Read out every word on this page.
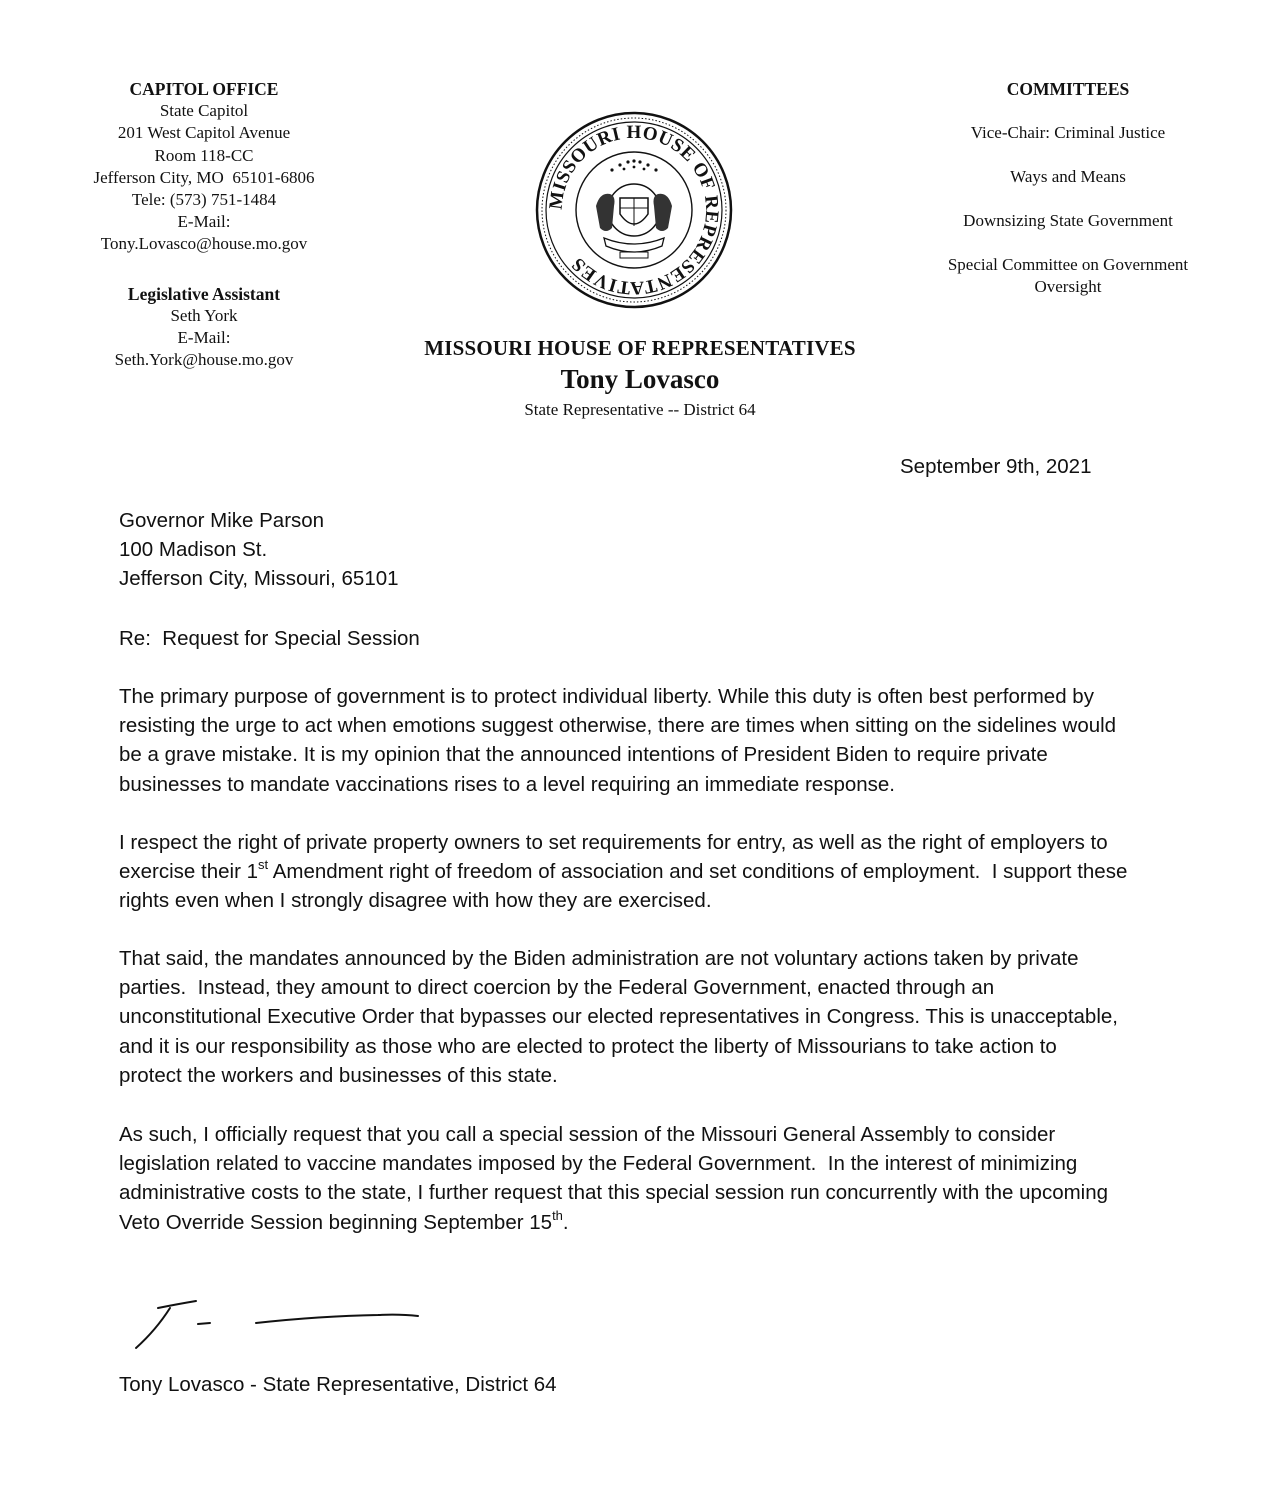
CAPITOL OFFICE
State Capitol
201 West Capitol Avenue
Room 118-CC
Jefferson City, MO  65101-6806
Tele: (573) 751-1484
E-Mail:
Tony.Lovasco@house.mo.gov
Legislative Assistant
Seth York
E-Mail:
Seth.York@house.mo.gov
MISSOURI HOUSE OF REPRESENTATIVES
COMMITTEES
Vice-Chair: Criminal Justice
Ways and Means
Downsizing State Government
Special Committee on Government Oversight
MISSOURI HOUSE OF REPRESENTATIVES
Tony Lovasco
State Representative -- District 64
September 9th, 2021
Governor Mike Parson
100 Madison St.
Jefferson City, Missouri, 65101
Re:  Request for Special Session
The primary purpose of government is to protect individual liberty. While this duty is often best performed by
resisting the urge to act when emotions suggest otherwise, there are times when sitting on the sidelines would
be a grave mistake. It is my opinion that the announced intentions of President Biden to require private
businesses to mandate vaccinations rises to a level requiring an immediate response.
I respect the right of private property owners to set requirements for entry, as well as the right of employers to
exercise their 1st Amendment right of freedom of association and set conditions of employment.  I support these
rights even when I strongly disagree with how they are exercised.
That said, the mandates announced by the Biden administration are not voluntary actions taken by private
parties.  Instead, they amount to direct coercion by the Federal Government, enacted through an
unconstitutional Executive Order that bypasses our elected representatives in Congress. This is unacceptable,
and it is our responsibility as those who are elected to protect the liberty of Missourians to take action to
protect the workers and businesses of this state.
As such, I officially request that you call a special session of the Missouri General Assembly to consider
legislation related to vaccine mandates imposed by the Federal Government.  In the interest of minimizing
administrative costs to the state, I further request that this special session run concurrently with the upcoming
Veto Override Session beginning September 15th.
Tony Lovasco - State Representative, District 64
